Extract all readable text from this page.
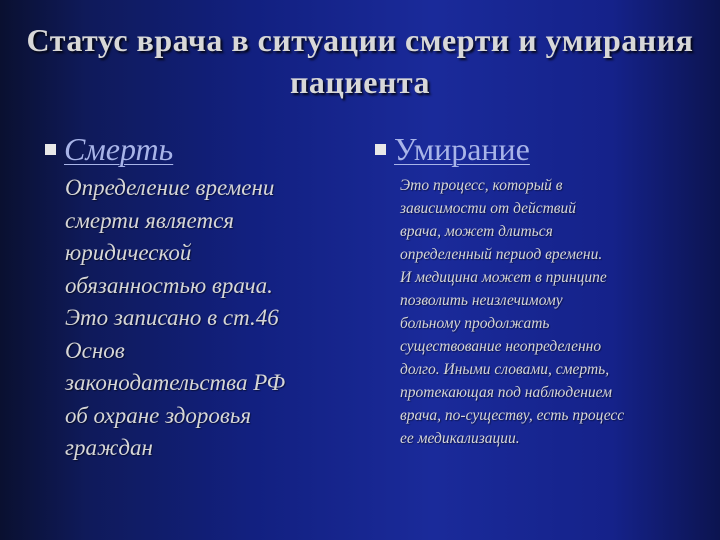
Статус врача в ситуации смерти и умирания пациента
Смерть	Умирание
Определение времени
смерти является
юридической
обязанностью врача.
Это записано в ст.46
Основ
законодательства РФ
об охране здоровья
граждан
Это процесс, который в
зависимости от действий
врача, может длиться
определенный период времени.
И медицина может в принципе
позволить неизлечимому
больному продолжать
существование неопределенно
долго. Иными словами, смерть,
протекающая под наблюдением
врача, по-существу, есть процесс
ее медикализации.
